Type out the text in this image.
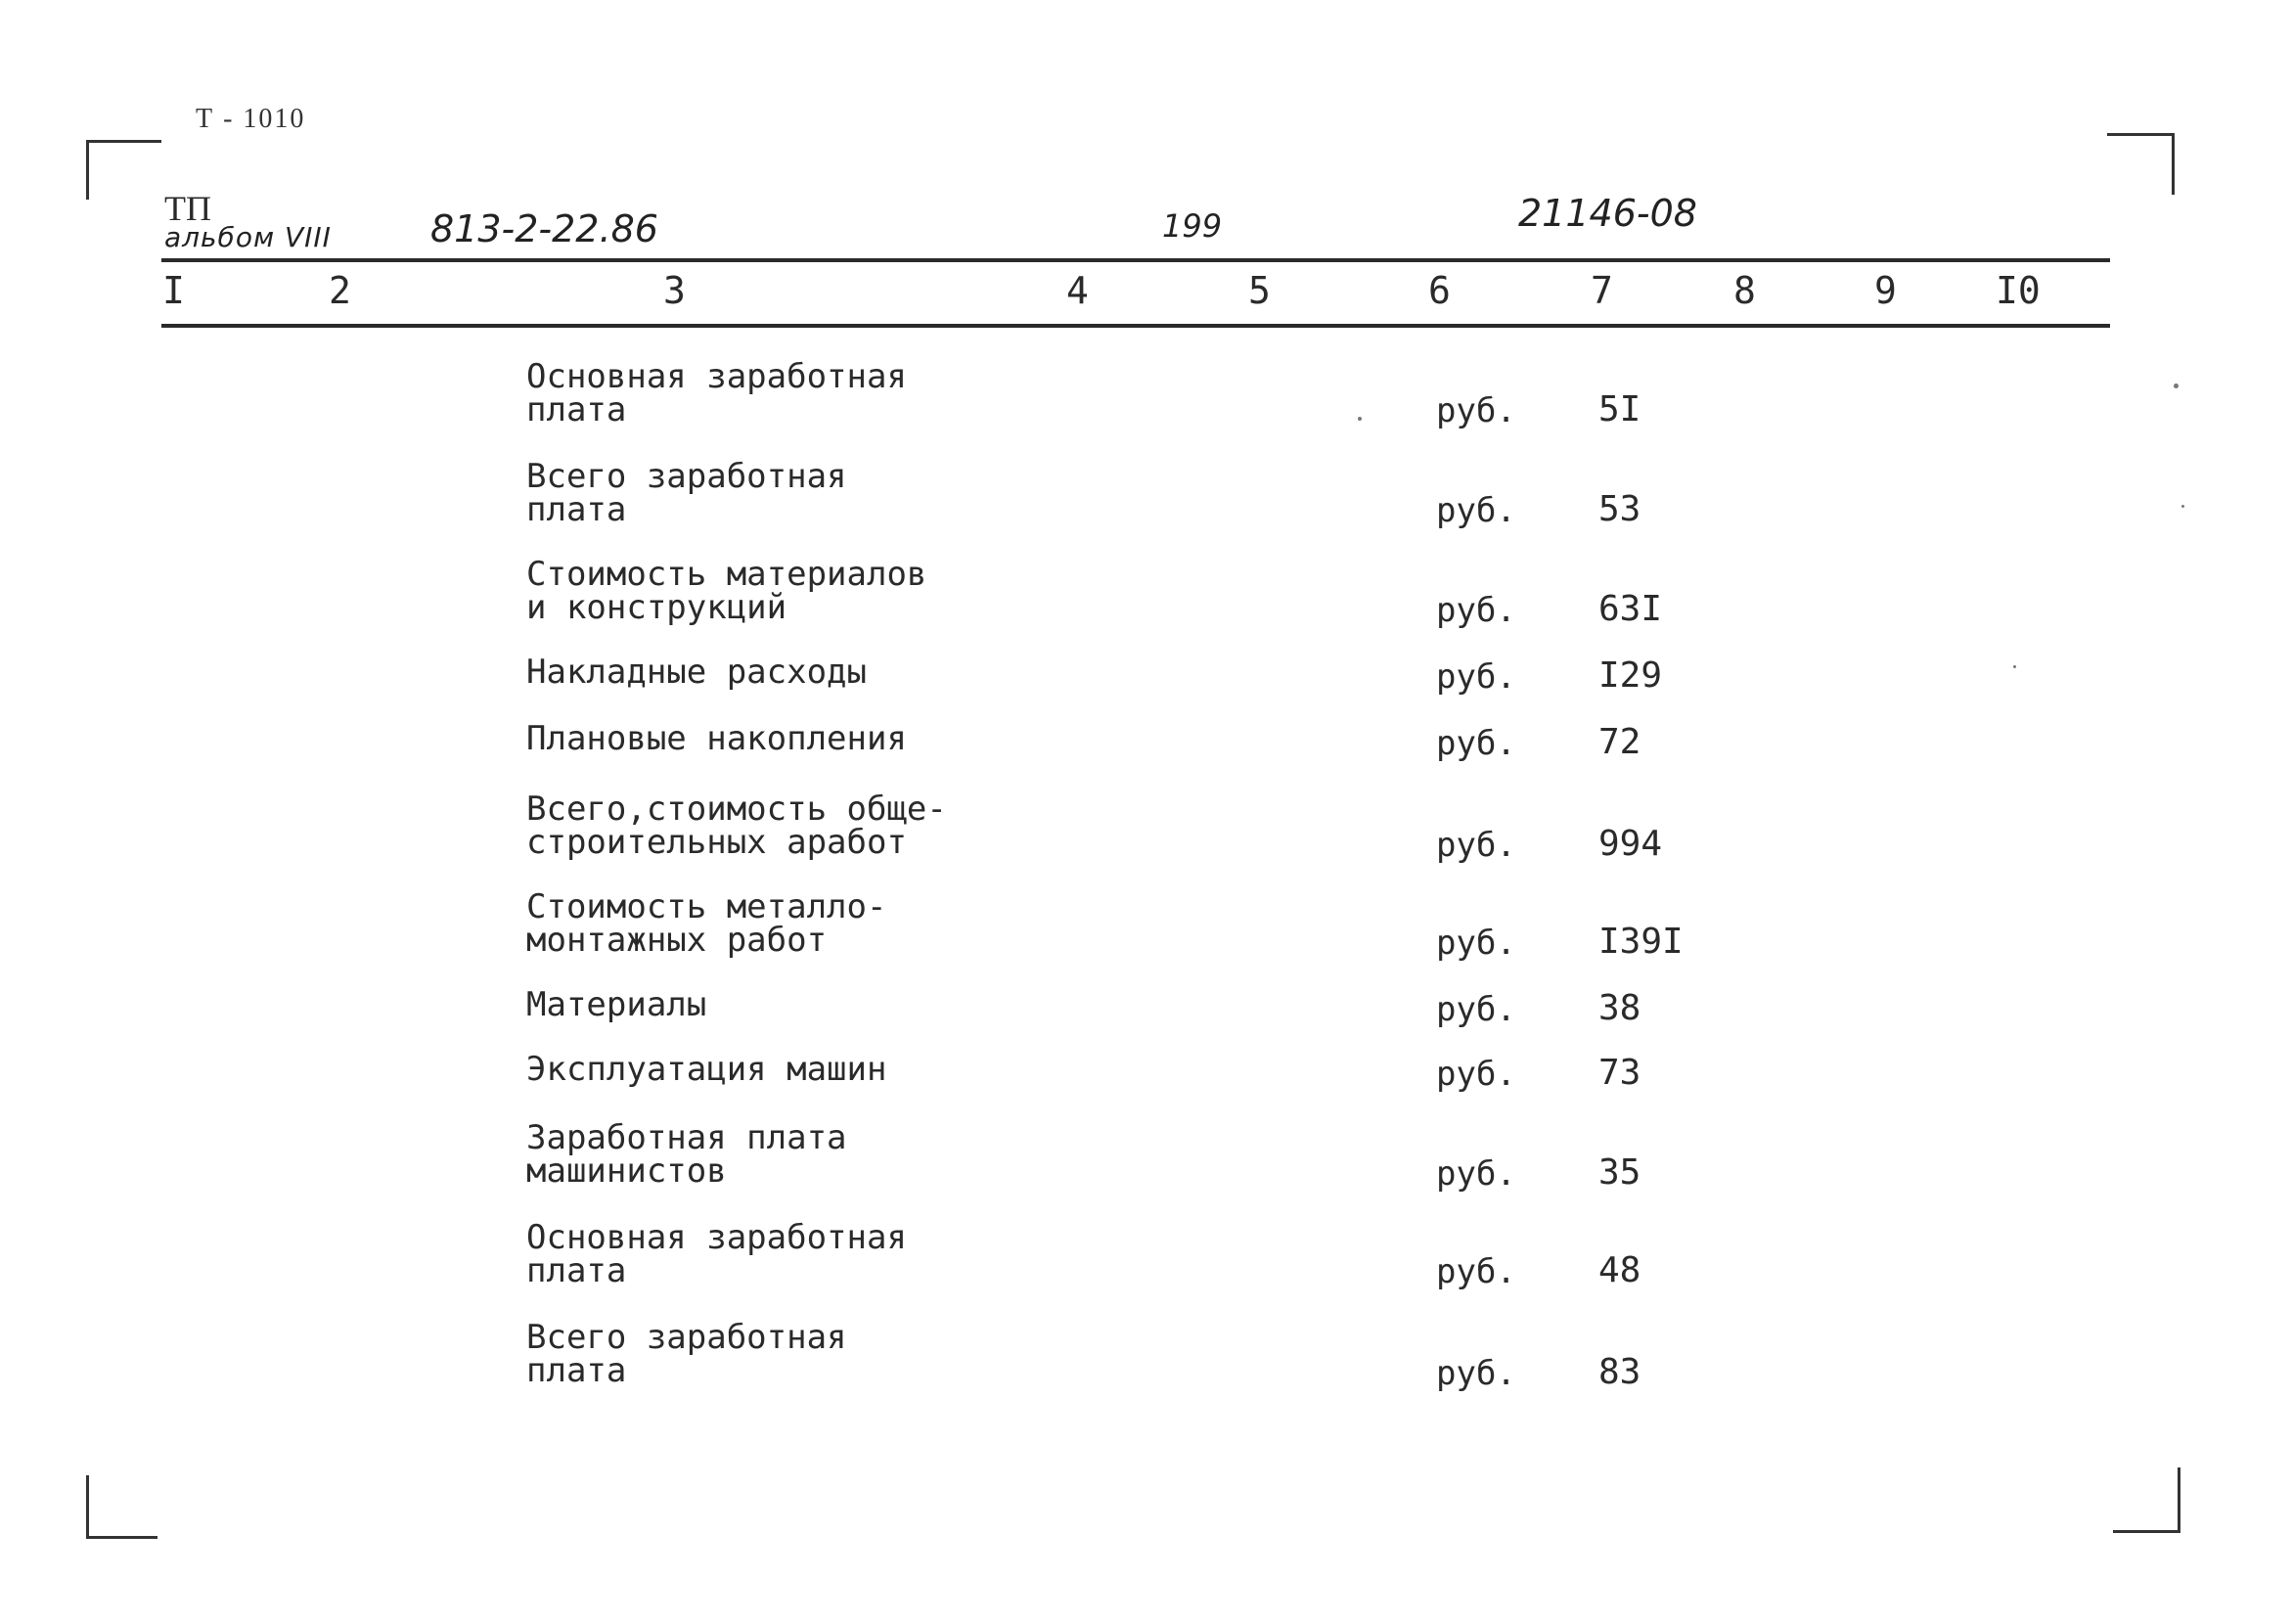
Т - 1010
ТП
альбом VIII	813-2-22.86	199	21146-08
I	2	3	4	5	6	7	8	9	I0
Основная заработная
плата	руб. 5I
Всего заработная
плата	руб. 53
Стоимость материалов
и конструкций	руб. 63I
Накладные расходы	руб. I29
Плановые накопления	руб. 72
Всего,стоимость обще-
строительных аработ	руб. 994
Стоимость металло-
монтажных работ	руб. I39I
Материалы	руб. 38
Эксплуатация машин	руб. 73
Заработная плата
машинистов	руб. 35
Основная заработная
плата	руб. 48
Всего заработная
плата	руб. 83
